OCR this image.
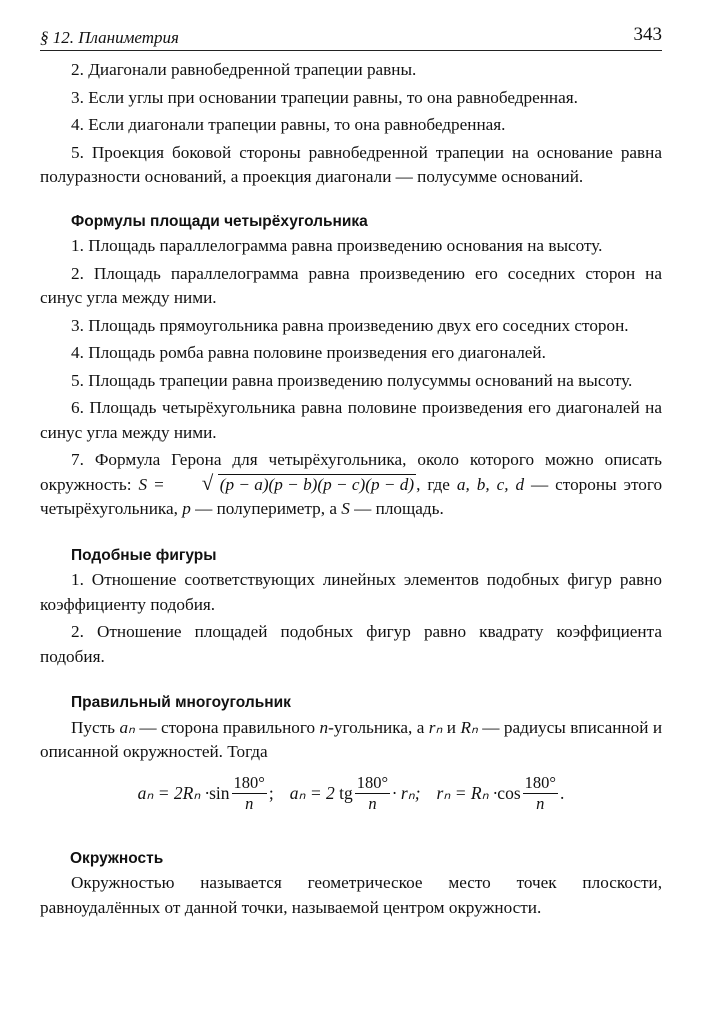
§ 12. Планиметрия	343

2. Диагонали равнобедренной трапеции равны.

3. Если углы при основании трапеции равны, то она равнобедренная.

4. Если диагонали трапеции равны, то она равнобедренная.

5. Проекция боковой стороны равнобедренной трапеции на основание равна полуразности оснований, а проекция диагонали — полусумме оснований.

Формулы площади четырёхугольника

1. Площадь параллелограмма равна произведению основания на высоту.

2. Площадь параллелограмма равна произведению его соседних сторон на синус угла между ними.

3. Площадь прямоугольника равна произведению двух его соседних сторон.

4. Площадь ромба равна половине произведения его диагоналей.

5. Площадь трапеции равна произведению полусуммы оснований на высоту.

6. Площадь четырёхугольника равна половине произведения его диагоналей на синус угла между ними.

7. Формула Герона для четырёхугольника, около которого можно описать окружность: S =	√ (p − a)(p − b)(p − c)(p − d) , где a, b, c, d — стороны этого четырёхугольника, p — полупериметр, а S — площадь.

Подобные фигуры

1. Отношение соответствующих линейных элементов подобных фигур равно коэффициенту подобия.

2. Отношение площадей подобных фигур равно квадрату коэффициента подобия.

Правильный многоугольник

Пусть aₙ — сторона правильного n-угольника, а rₙ и Rₙ — радиусы вписанной и описанной окружностей. Тогда

$a_n = 2R_n \cdot \sin \frac{180^\circ}{n}$ ; aₙ = 2
tg $\frac{180^\circ}{n} \cdot r_n$; $r_n = R_n \cdot \cos \frac{180^\circ}{n}$ .
Окружность

Окружностью называется геометрическое место точек плоскости, равноудалённых от данной точки, называемой центром окружности.
